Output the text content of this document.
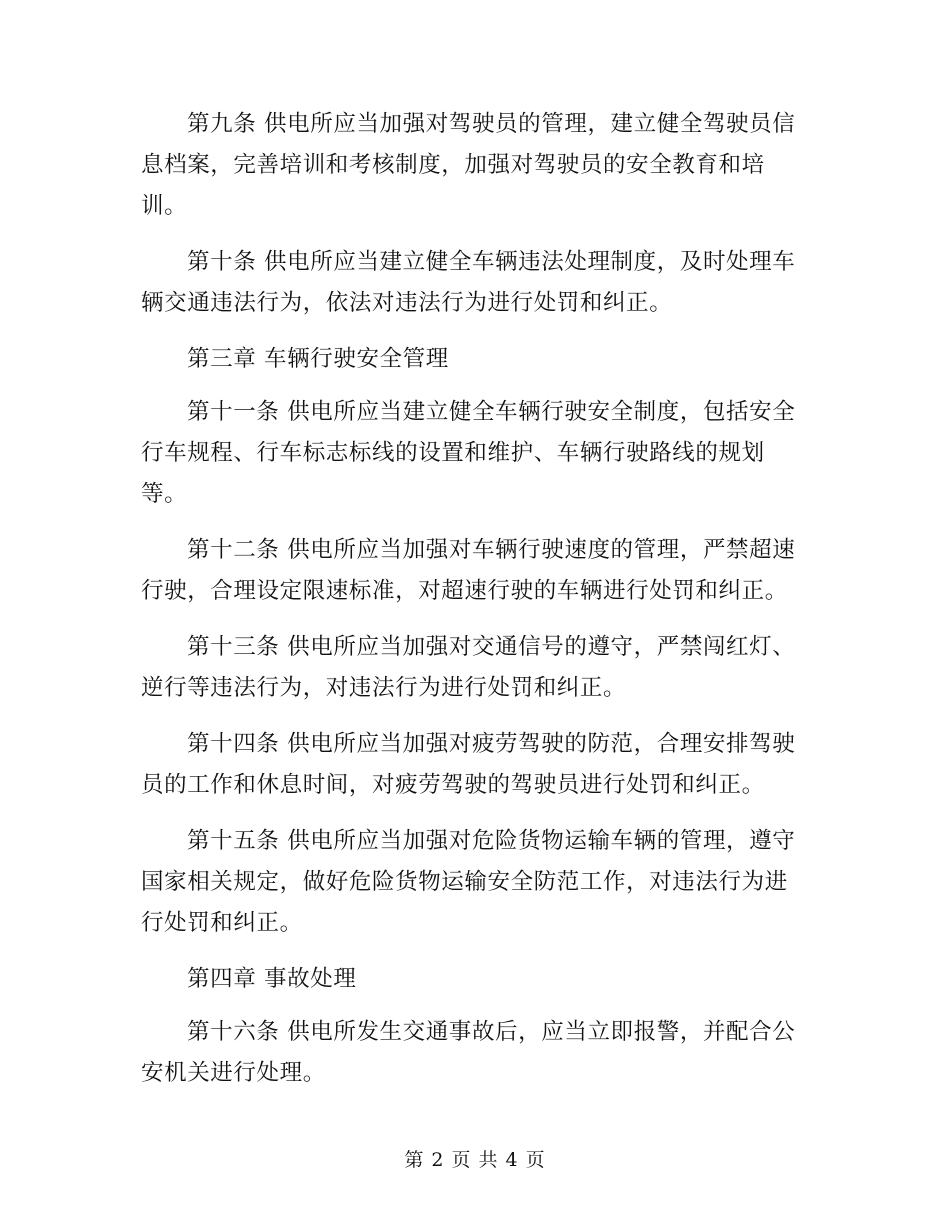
第九条 供电所应当加强对驾驶员的管理，建立健全驾驶员信息档案，完善培训和考核制度，加强对驾驶员的安全教育和培训。

第十条 供电所应当建立健全车辆违法处理制度，及时处理车辆交通违法行为，依法对违法行为进行处罚和纠正。

第三章 车辆行驶安全管理

第十一条 供电所应当建立健全车辆行驶安全制度，包括安全行车规程、行车标志标线的设置和维护、车辆行驶路线的规划等。

第十二条 供电所应当加强对车辆行驶速度的管理，严禁超速行驶，合理设定限速标准，对超速行驶的车辆进行处罚和纠正。

第十三条 供电所应当加强对交通信号的遵守，严禁闯红灯、逆行等违法行为，对违法行为进行处罚和纠正。

第十四条 供电所应当加强对疲劳驾驶的防范，合理安排驾驶员的工作和休息时间，对疲劳驾驶的驾驶员进行处罚和纠正。

第十五条 供电所应当加强对危险货物运输车辆的管理，遵守国家相关规定，做好危险货物运输安全防范工作，对违法行为进行处罚和纠正。

第四章 事故处理

第十六条 供电所发生交通事故后，应当立即报警，并配合公安机关进行处理。

第 2 页 共 4 页
